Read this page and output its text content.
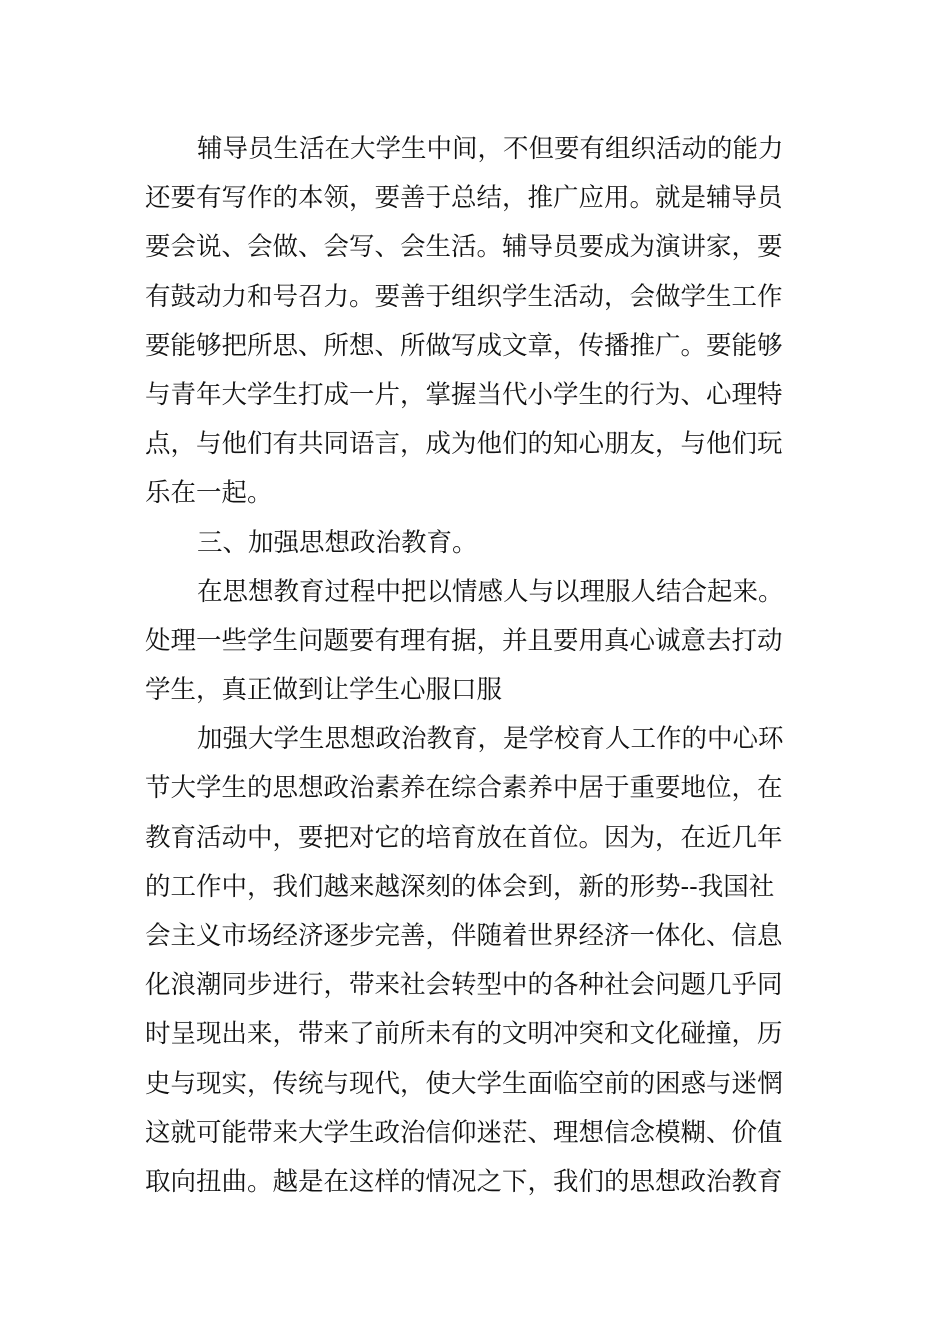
辅导员生活在大学生中间，不但要有组织活动的能力
还要有写作的本领，要善于总结，推广应用。就是辅导员
要会说、会做、会写、会生活。辅导员要成为演讲家，要
有鼓动力和号召力。要善于组织学生活动，会做学生工作
要能够把所思、所想、所做写成文章，传播推广。要能够
与青年大学生打成一片，掌握当代小学生的行为、心理特
点，与他们有共同语言，成为他们的知心朋友，与他们玩
乐在一起。
三、加强思想政治教育。
在思想教育过程中把以情感人与以理服人结合起来。
处理一些学生问题要有理有据，并且要用真心诚意去打动
学生，真正做到让学生心服口服
加强大学生思想政治教育，是学校育人工作的中心环
节大学生的思想政治素养在综合素养中居于重要地位，在
教育活动中，要把对它的培育放在首位。因为，在近几年
的工作中，我们越来越深刻的体会到，新的形势--我国社
会主义市场经济逐步完善，伴随着世界经济一体化、信息
化浪潮同步进行，带来社会转型中的各种社会问题几乎同
时呈现出来，带来了前所未有的文明冲突和文化碰撞，历
史与现实，传统与现代，使大学生面临空前的困惑与迷惘
这就可能带来大学生政治信仰迷茫、理想信念模糊、价值
取向扭曲。越是在这样的情况之下，我们的思想政治教育
